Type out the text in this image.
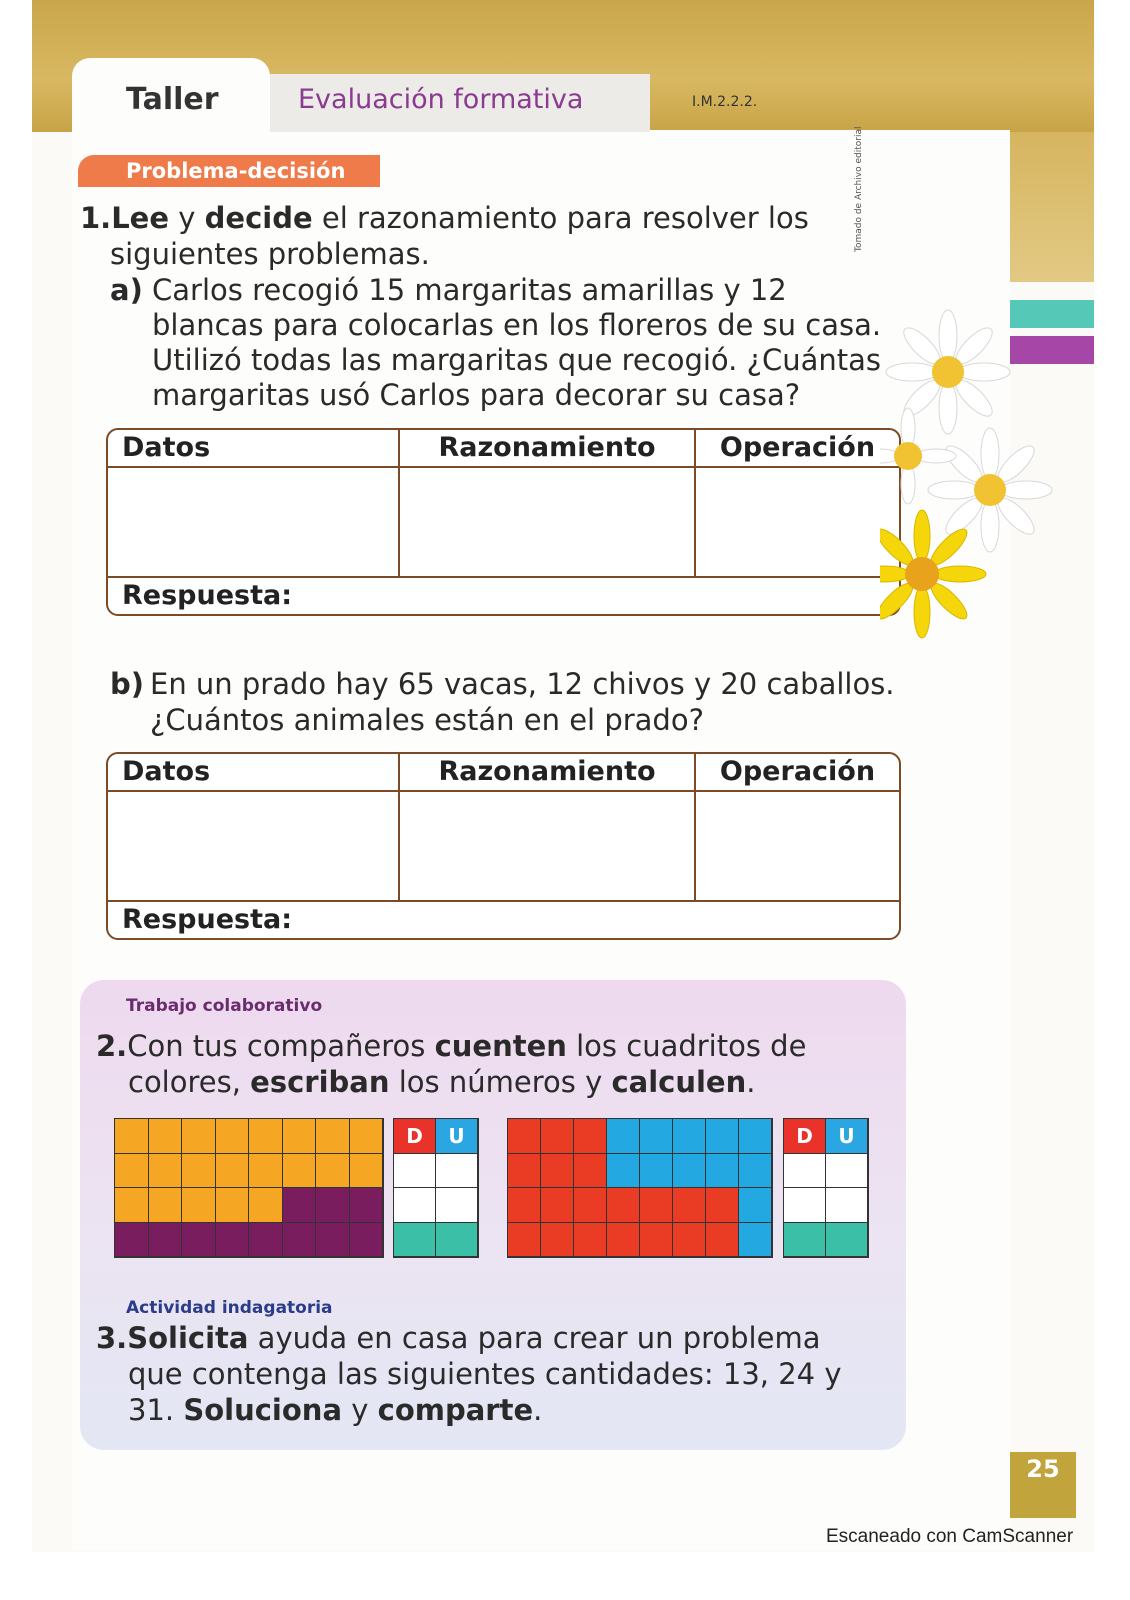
Taller	Evaluación formativa	I.M.2.2.2.
Tomado de Archivo editorial
Problema-decisión
1.Lee y decide el razonamiento para resolver los
siguientes problemas.
a) Carlos recogió 15 margaritas amarillas y 12
blancas para colocarlas en los floreros de su casa.
Utilizó todas las margaritas que recogió. ¿Cuántas
margaritas usó Carlos para decorar su casa?
Datos	Razonamiento	Operación
Respuesta:
b) En un prado hay 65 vacas, 12 chivos y 20 caballos.
¿Cuántos animales están en el prado?
Datos	Razonamiento	Operación
Respuesta:
Trabajo colaborativo
2.Con tus compañeros cuenten los cuadritos de
colores, escriban los números y calculen.
D	U	D	U
Actividad indagatoria
3.Solicita ayuda en casa para crear un problema
que contenga las siguientes cantidades: 13, 24 y
31. Soluciona y comparte.
25
Escaneado con CamScanner
